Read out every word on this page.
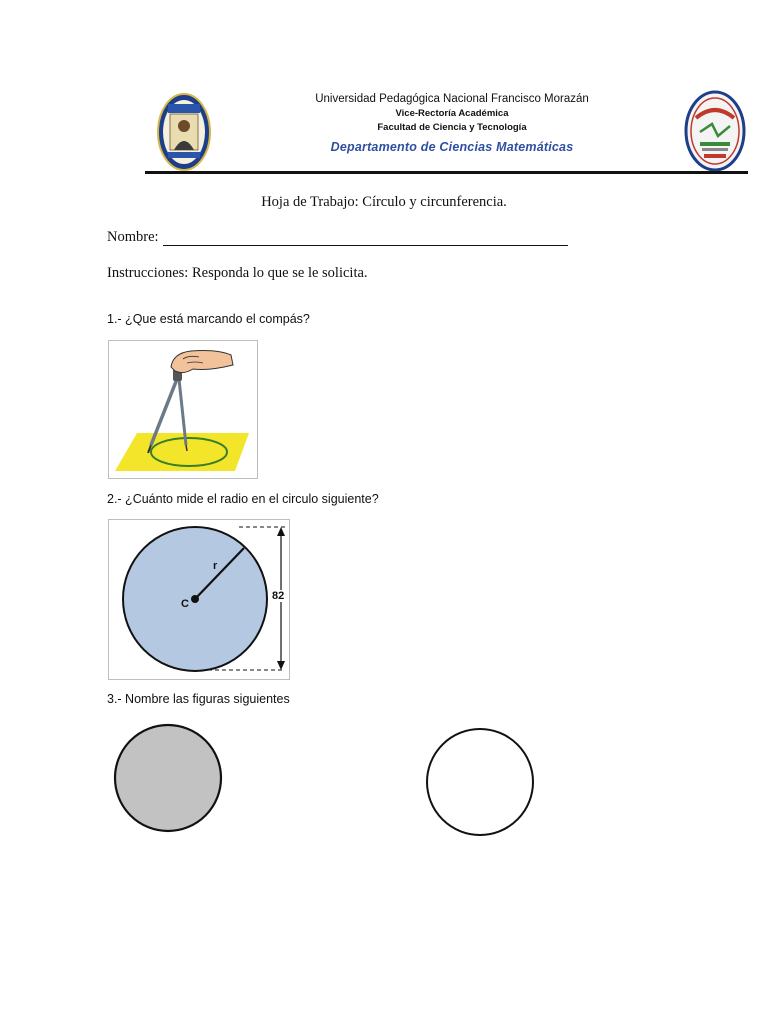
Universidad Pedagógica Nacional Francisco Morazán
Vice-Rectoría Académica
Facultad de Ciencia y Tecnología
Departamento de Ciencias Matemáticas
Hoja de Trabajo: Círculo y circunferencia.
Nombre:
Instrucciones: Responda lo que se le solicita.
1.- ¿Que está marcando el compás?
2.- ¿Cuánto mide el radio en el circulo siguiente?
r
C
82
3.- Nombre las figuras siguientes
